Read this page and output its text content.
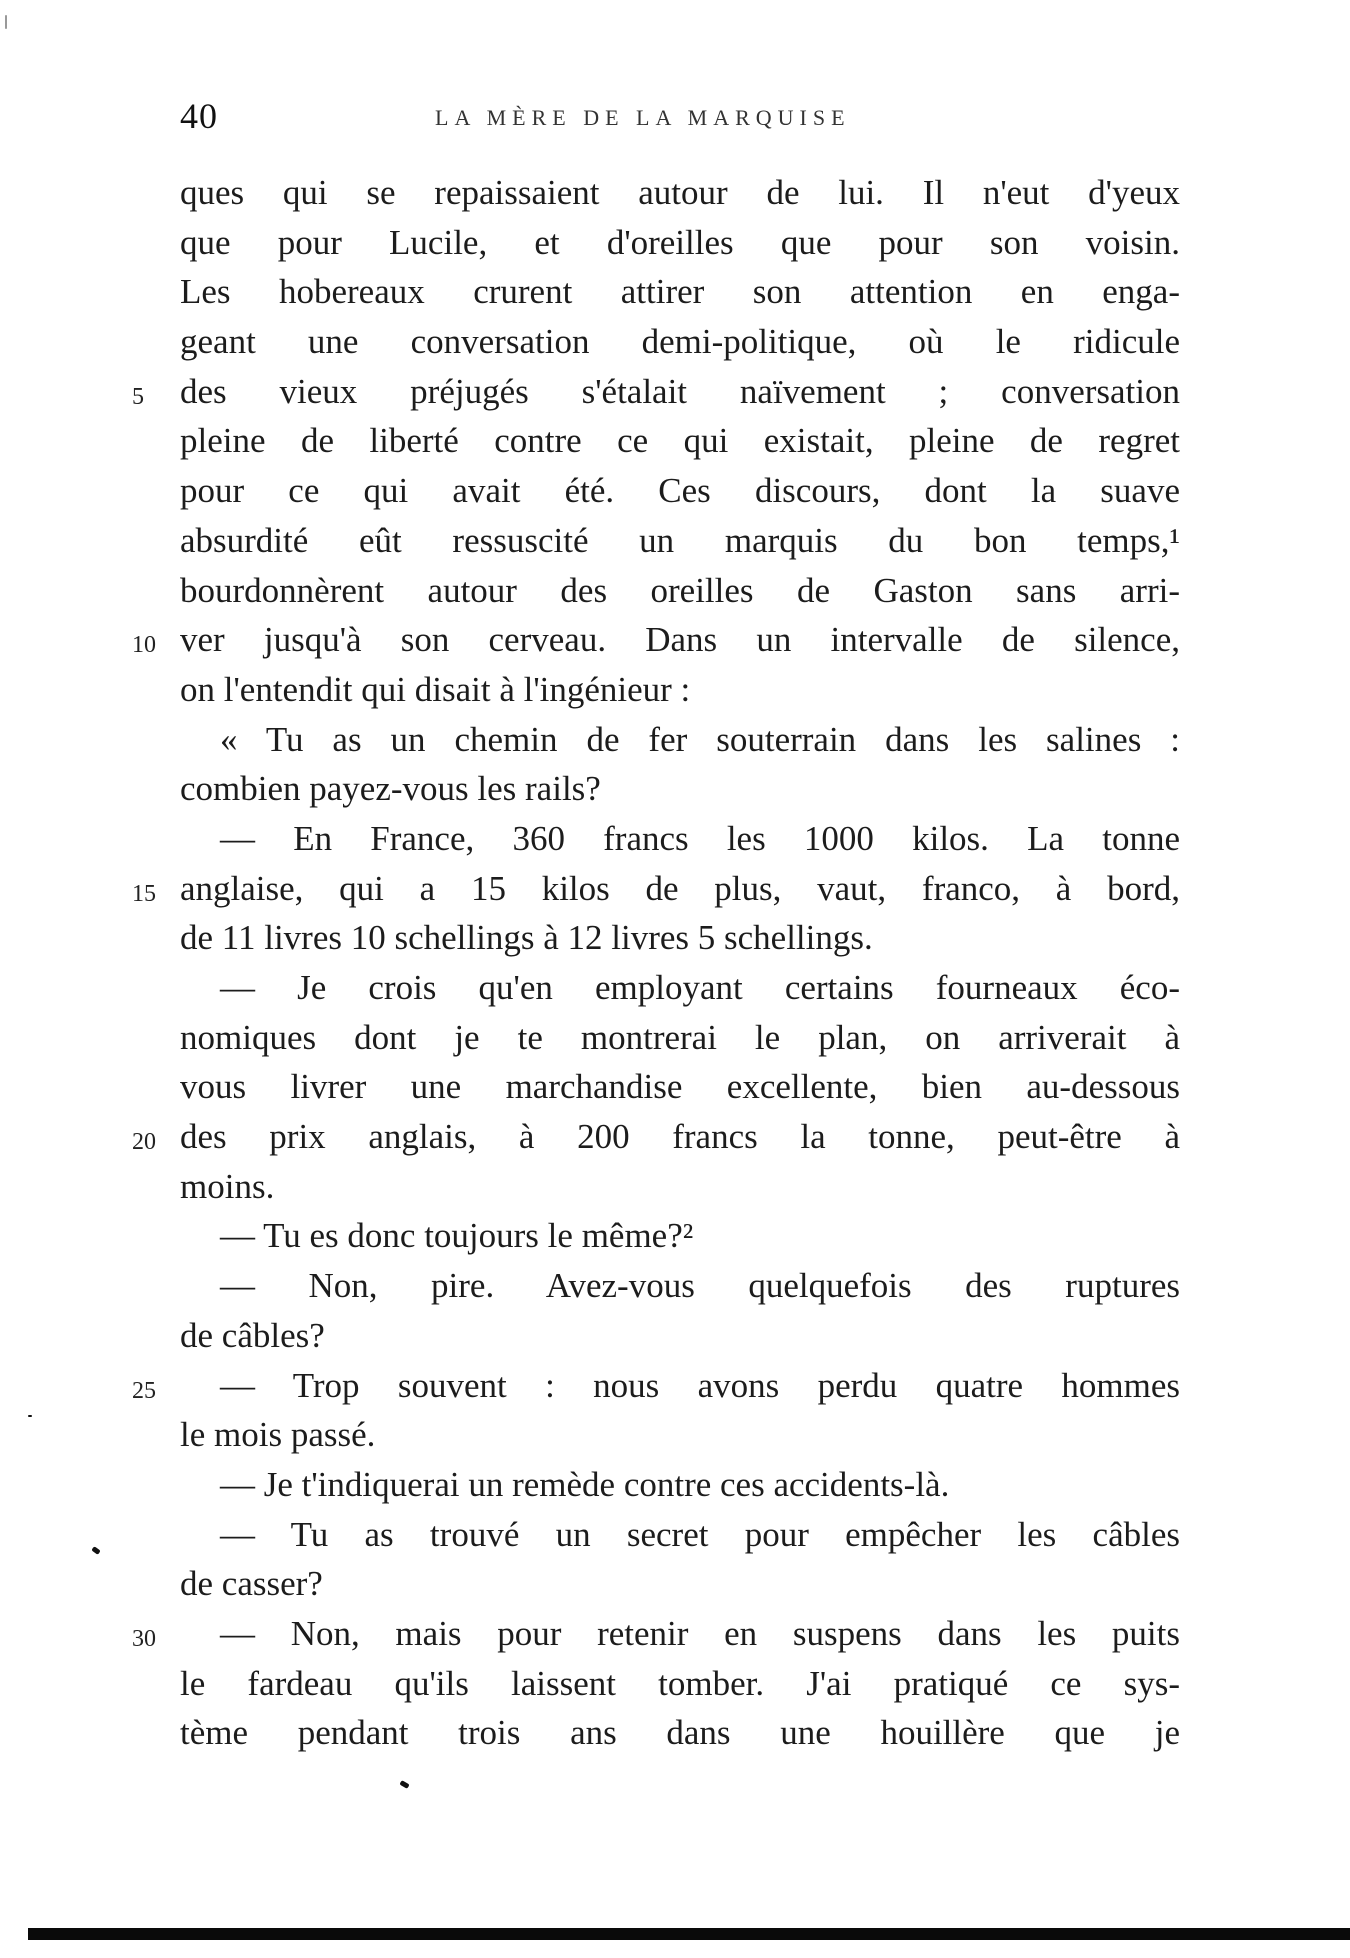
40	LA MÈRE DE LA MARQUISE
ques qui se repaissaient autour de lui. Il n'eut d'yeux
que pour Lucile, et d'oreilles que pour son voisin.
Les hobereaux crurent attirer son attention en enga-
geant une conversation demi-politique, où le ridicule
5 des vieux préjugés s'étalait naïvement ; conversation
pleine de liberté contre ce qui existait, pleine de regret
pour ce qui avait été. Ces discours, dont la suave
absurdité eût ressuscité un marquis du bon temps,¹
bourdonnèrent autour des oreilles de Gaston sans arri-
10 ver jusqu'à son cerveau. Dans un intervalle de silence,
on l'entendit qui disait à l'ingénieur :
« Tu as un chemin de fer souterrain dans les salines :
combien payez-vous les rails?
— En France, 360 francs les 1000 kilos. La tonne
15 anglaise, qui a 15 kilos de plus, vaut, franco, à bord,
de 11 livres 10 schellings à 12 livres 5 schellings.
— Je crois qu'en employant certains fourneaux éco-
nomiques dont je te montrerai le plan, on arriverait à
vous livrer une marchandise excellente, bien au-dessous
20 des prix anglais, à 200 francs la tonne, peut-être à
moins.
— Tu es donc toujours le même?²
— Non, pire. Avez-vous quelquefois des ruptures
de câbles?
25 — Trop souvent : nous avons perdu quatre hommes
le mois passé.
— Je t'indiquerai un remède contre ces accidents-là.
— Tu as trouvé un secret pour empêcher les câbles
de casser?
30 — Non, mais pour retenir en suspens dans les puits
le fardeau qu'ils laissent tomber. J'ai pratiqué ce sys-
tème pendant trois ans dans une houillère que je
